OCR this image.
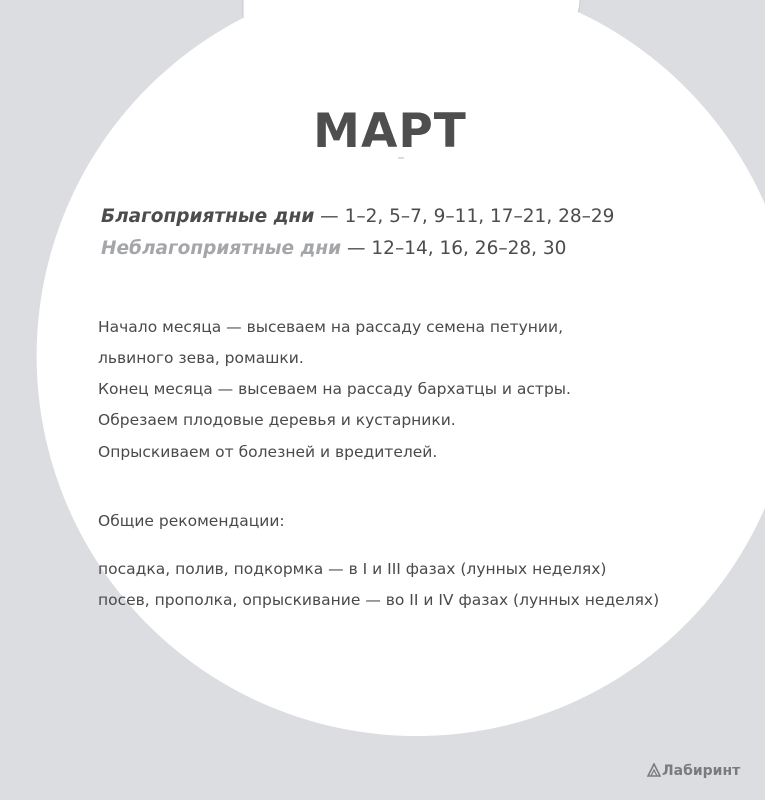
МАРТ
Благоприятные дни — 1–2, 5–7, 9–11, 17–21, 28–29
Неблагоприятные дни — 12–14, 16, 26–28, 30
Начало месяца — высеваем на рассаду семена петунии,
львиного зева, ромашки.
Конец месяца — высеваем на рассаду бархатцы и астры.
Обрезаем плодовые деревья и кустарники.
Опрыскиваем от болезней и вредителей.
Общие рекомендации:
посадка, полив, подкормка — в I и III фазах (лунных неделях)
посев, прополка, опрыскивание — во II и IV фазах (лунных неделях)
Лабиринт
